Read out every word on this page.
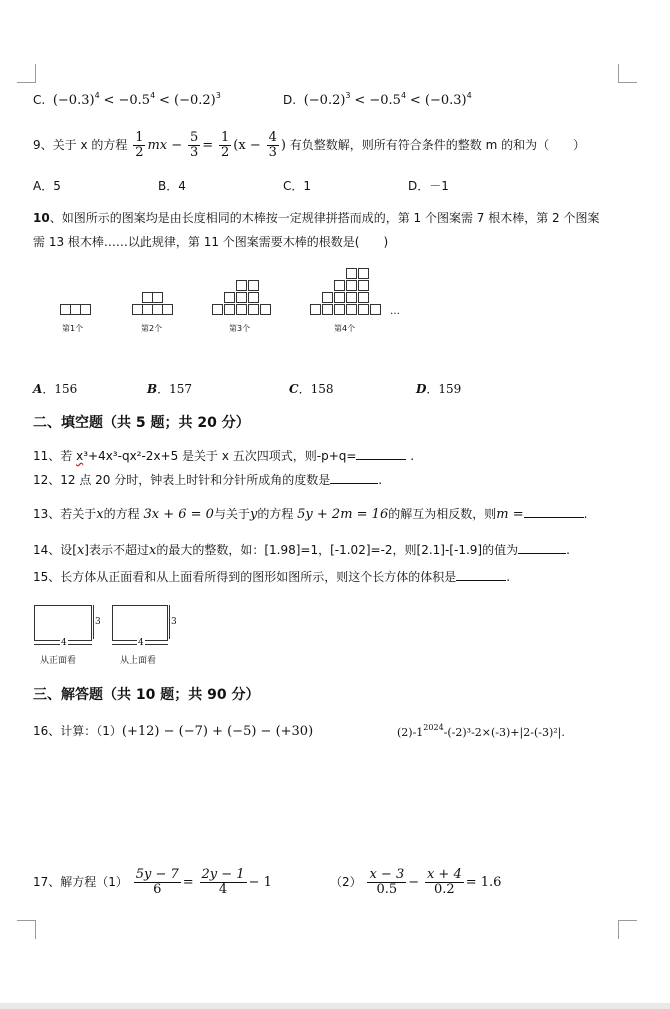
C. $(-0.3)^4 < -0.5^4 < (-0.2)^3$	D. $(-0.2)^3 < -0.5^4 < (-0.3)^4$
9、关于 x 的方程 $\frac{1}{2}$ mx − $\frac{5}{3} = \frac{1}{2} (x - \frac{4}{3}$ ) 有负整数解，则所有符合条件的整数 m 的和为（　　）
A．5	B．4	C．1	D．－1
10、如图所示的图案均是由长度相同的木棒按一定规律拼搭而成的，第 1 个图案需 7 根木棒，第 2 个图案
需 13 根木棒……以此规律，第 11 个图案需要木棒的根数是(　　)
第1个	第2个	第3个	第4个
…
A．156	B．157	C．158	D．159
二、填空题（共 5 题；共 20 分）
11、若 x³+4x³-qx²-2x+5 是关于 x 五次四项式，则-p+q=	.
12、12 点 20 分时，钟表上时针和分针所成角的度数是	.
13、若关于x的方程 3x + 6 = 0与关于y的方程 5y + 2m = 16的解互为相反数，则m =	.
14、设[x]表示不超过x的最大的整数，如：[1.98]=1，[-1.02]=-2，则[2.1]-[-1.9]的值为	.
15、长方体从正面看和从上面看所得到的图形如图所示，则这个长方体的体积是	.
3
4
从正面看
3
4
从上面看
三、解答题（共 10 题；共 90 分）
16、计算：（1）(+12) − (−7) + (−5) − (+30)	$(2)-1^{2024}-(-2)^3-2\times(-3)+|2-(-3)^2|$.
17、解方程$(1) \frac{5y - 7}{6} = \frac{2y - 1}{4} - 1$	$(2) \frac{x - 3}{0.5} - \frac{x + 4}{0.2} = 1.6$
